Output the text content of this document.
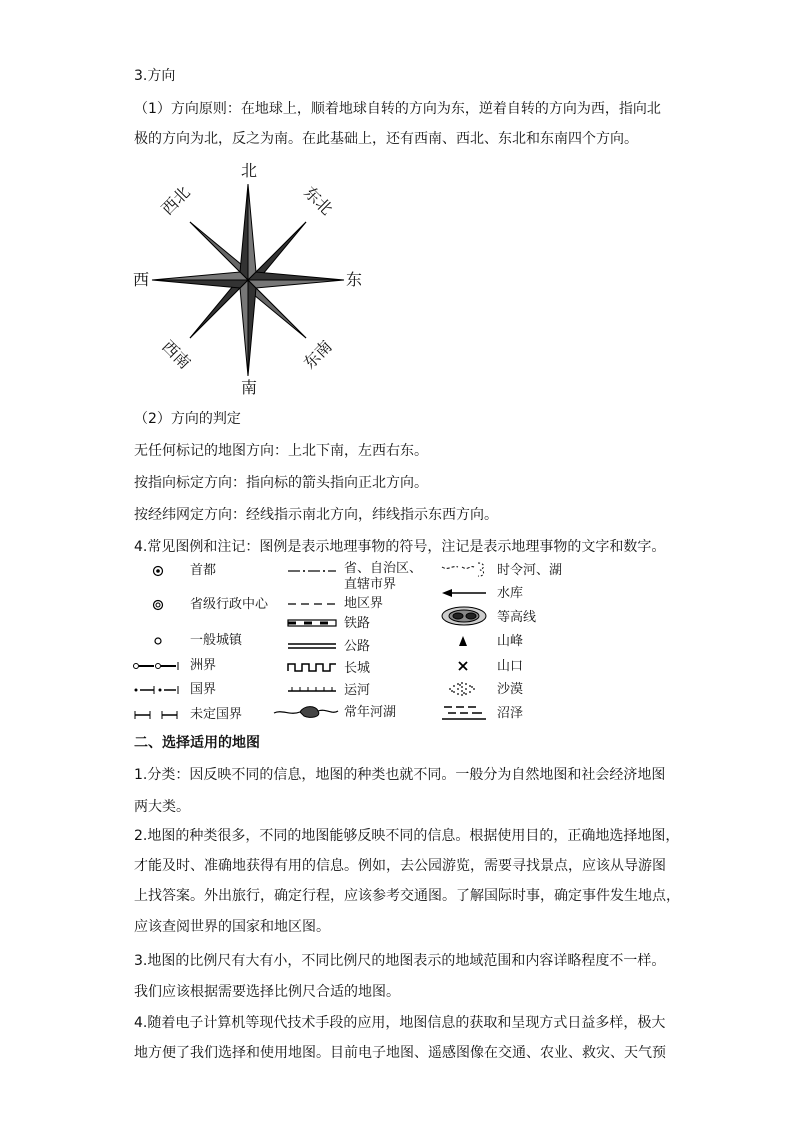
3.方向
（1）方向原则：在地球上，顺着地球自转的方向为东，逆着自转的方向为西，指向北
极的方向为北，反之为南。在此基础上，还有西南、西北、东北和东南四个方向。
北
南
东
西
西北	东北
西南	东南
（2）方向的判定
无任何标记的地图方向：上北下南，左西右东。
按指向标定方向：指向标的箭头指向正北方向。
按经纬网定方向：经线指示南北方向，纬线指示东西方向。
4.常见图例和注记：图例是表示地理事物的符号，注记是表示地理事物的文字和数字。
首都
省级行政中心
一般城镇
洲界
国界
未定国界
省、自治区、
直辖市界
地区界
铁路
公路
长城
运河
常年河湖
时令河、湖
水库
等高线
山峰
山口
沙漠
沼泽
二、选择适用的地图
1.分类：因反映不同的信息，地图的种类也就不同。一般分为自然地图和社会经济地图
两大类。
2.地图的种类很多，不同的地图能够反映不同的信息。根据使用目的，正确地选择地图，
才能及时、准确地获得有用的信息。例如，去公园游览，需要寻找景点，应该从导游图
上找答案。外出旅行，确定行程，应该参考交通图。了解国际时事，确定事件发生地点，
应该查阅世界的国家和地区图。
3.地图的比例尺有大有小，不同比例尺的地图表示的地域范围和内容详略程度不一样。
我们应该根据需要选择比例尺合适的地图。
4.随着电子计算机等现代技术手段的应用，地图信息的获取和呈现方式日益多样，极大
地方便了我们选择和使用地图。目前电子地图、遥感图像在交通、农业、救灾、天气预
